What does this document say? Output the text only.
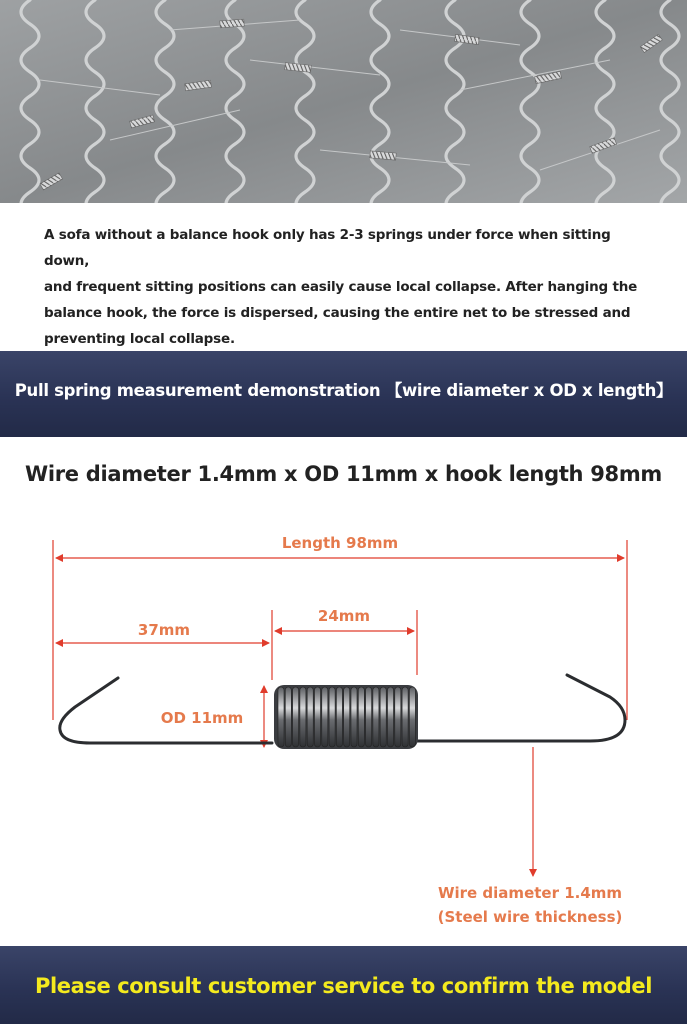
A sofa without a balance hook only has 2-3 springs under force when sitting down,

and frequent sitting positions can easily cause local collapse. After hanging the

balance hook, the force is dispersed, causing the entire net to be stressed and

preventing local collapse.

Pull spring measurement demonstration 【wire diameter x OD x length】
Wire diameter 1.4mm x OD 11mm x hook length 98mm
Length 98mm
37mm
24mm
OD 11mm
Wire diameter 1.4mm
(Steel wire thickness)
Please consult customer service to confirm the model
